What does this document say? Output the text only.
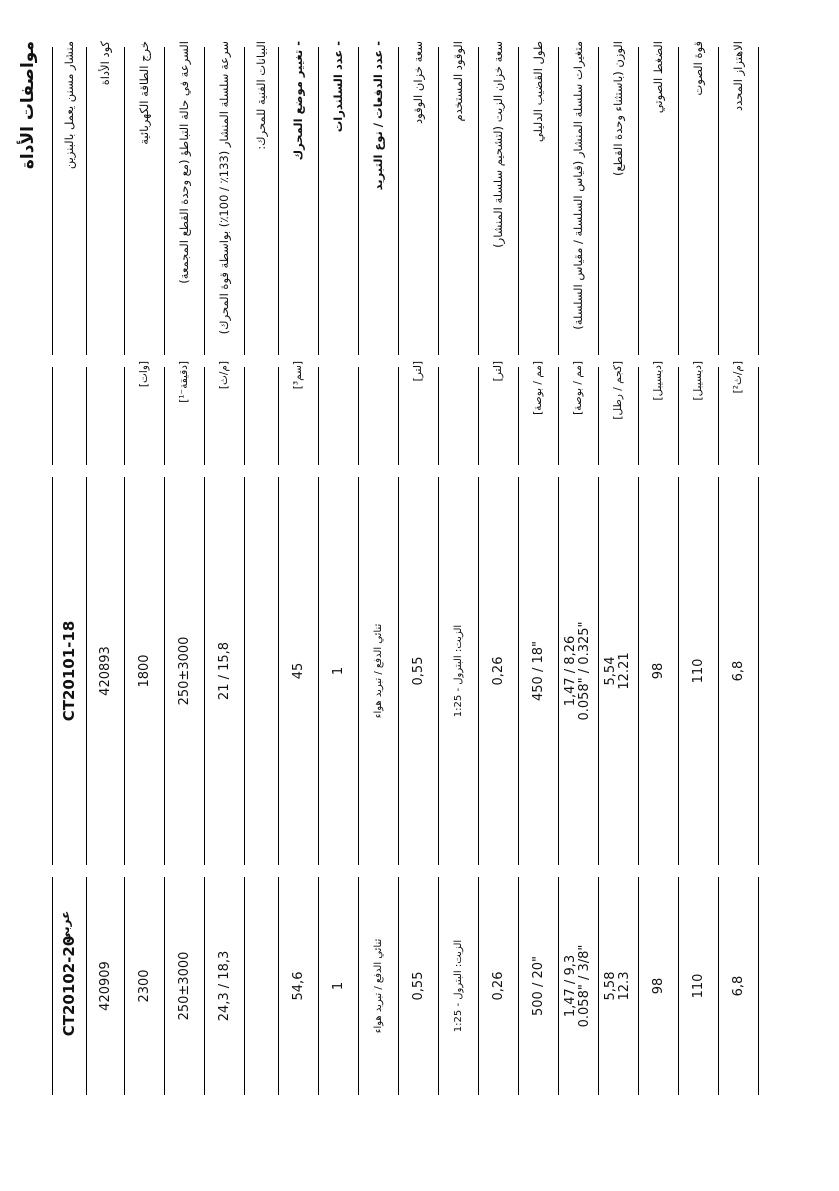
عربي
مواصفات الأداة
CT20102-20
CT20101-18
منشار مسنن يعمل بالبنزين	كود الأداة
420909
420893
خرج الطاقة الكهربائية
[وات]
2300
1800
السرعة في حالة التباطؤ (مع وحدة القطع المجمعة)
[دقيقة⁻¹]
250±3000
250±3000
سرعة سلسلة المنشار (133٪ / 100٪) بواسطة قوة المحرك)
[م/ث]
24,3 / 18,3
21 / 15,8
البيانات الفنية للمحرك:	- تغيير موضع المحرك
[سم³]
54,6
45
- عدد السلندرات
1
1
- عدد الدفعات / نوع التبريد
ثنائي الدفع / تبريد هواء
ثنائي الدفع / تبريد هواء
سعة خزان الوقود
[لتر]
0,55
0,55
الوقود المستخدم
الزيت: البترول - 1:25
الزيت: البترول - 1:25
سعة خزان الزيت (لتشحيم سلسلة المنشار)
[لتر]
0,26
0,26
طول القضيب الدليلي
[مم / بوصة]
500 / 20"
450 / 18"
متغيرات سلسلة المنشار (قياس السلسلة / مقياس السلسلة)
[مم / بوصة]
1,47 / 9,3 0.058" / 3/8"
1,47 / 8,26 0.058" / 0.325"
الوزن (باستثناء وحدة القطع)
[كجم / رطل]
5,58 12.3
5,54 12.21
الضغط الصوتي
[ديسيبل]
98
98
قوة الصوت
[ديسيبل]
110
110
الاهتزاز المحدد
[م/ث²]
6,8
6,8
